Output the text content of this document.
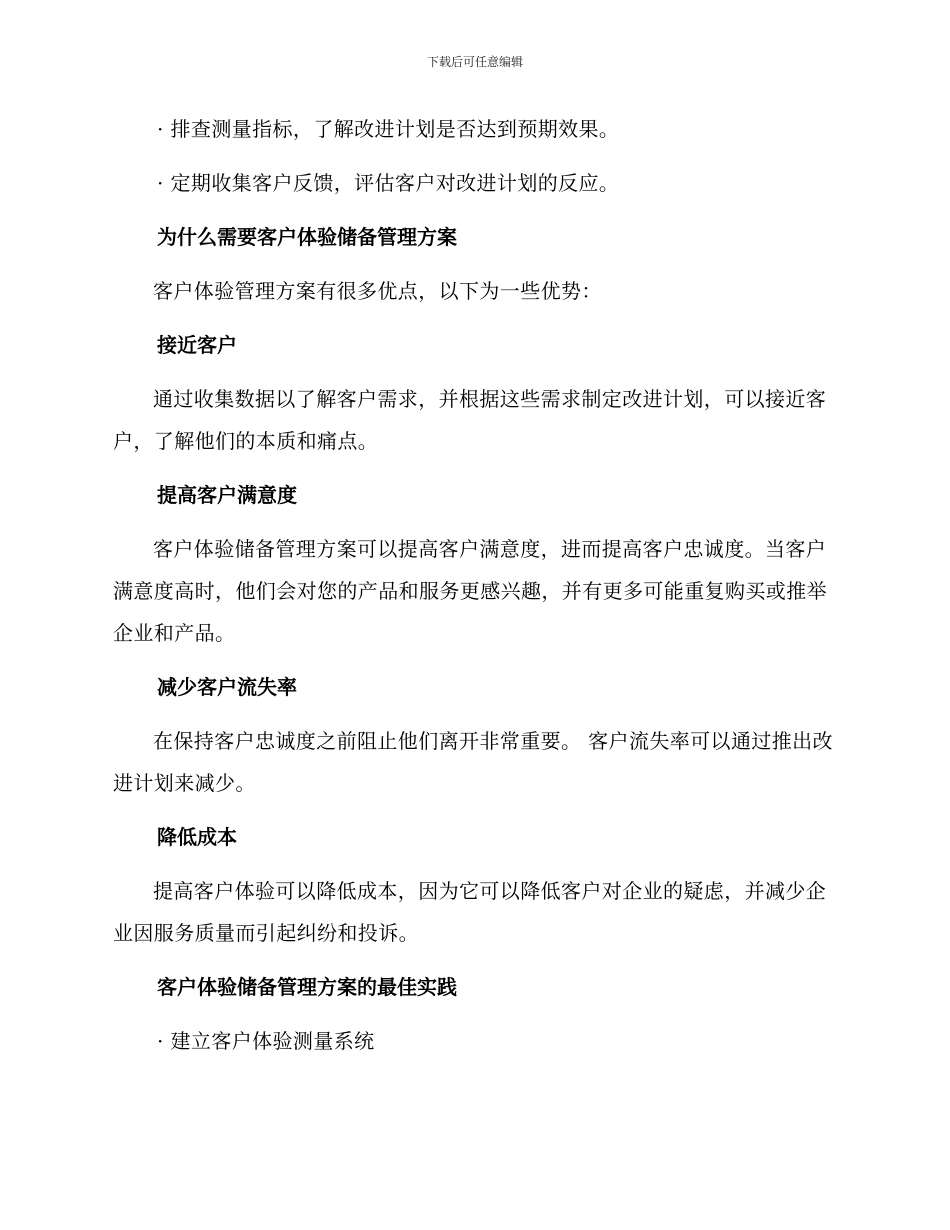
下载后可任意编辑

· 排查测量指标，了解改进计划是否达到预期效果。

· 定期收集客户反馈，评估客户对改进计划的反应。

为什么需要客户体验储备管理方案

客户体验管理方案有很多优点，以下为一些优势：

接近客户

通过收集数据以了解客户需求，并根据这些需求制定改进计划，可以接近客户，了解他们的本质和痛点。

提高客户满意度

客户体验储备管理方案可以提高客户满意度，进而提高客户忠诚度。当客户满意度高时，他们会对您的产品和服务更感兴趣，并有更多可能重复购买或推举企业和产品。

减少客户流失率

在保持客户忠诚度之前阻止他们离开非常重要。 客户流失率可以通过推出改进计划来减少。

降低成本

提高客户体验可以降低成本，因为它可以降低客户对企业的疑虑，并减少企业因服务质量而引起纠纷和投诉。

客户体验储备管理方案的最佳实践

· 建立客户体验测量系统
